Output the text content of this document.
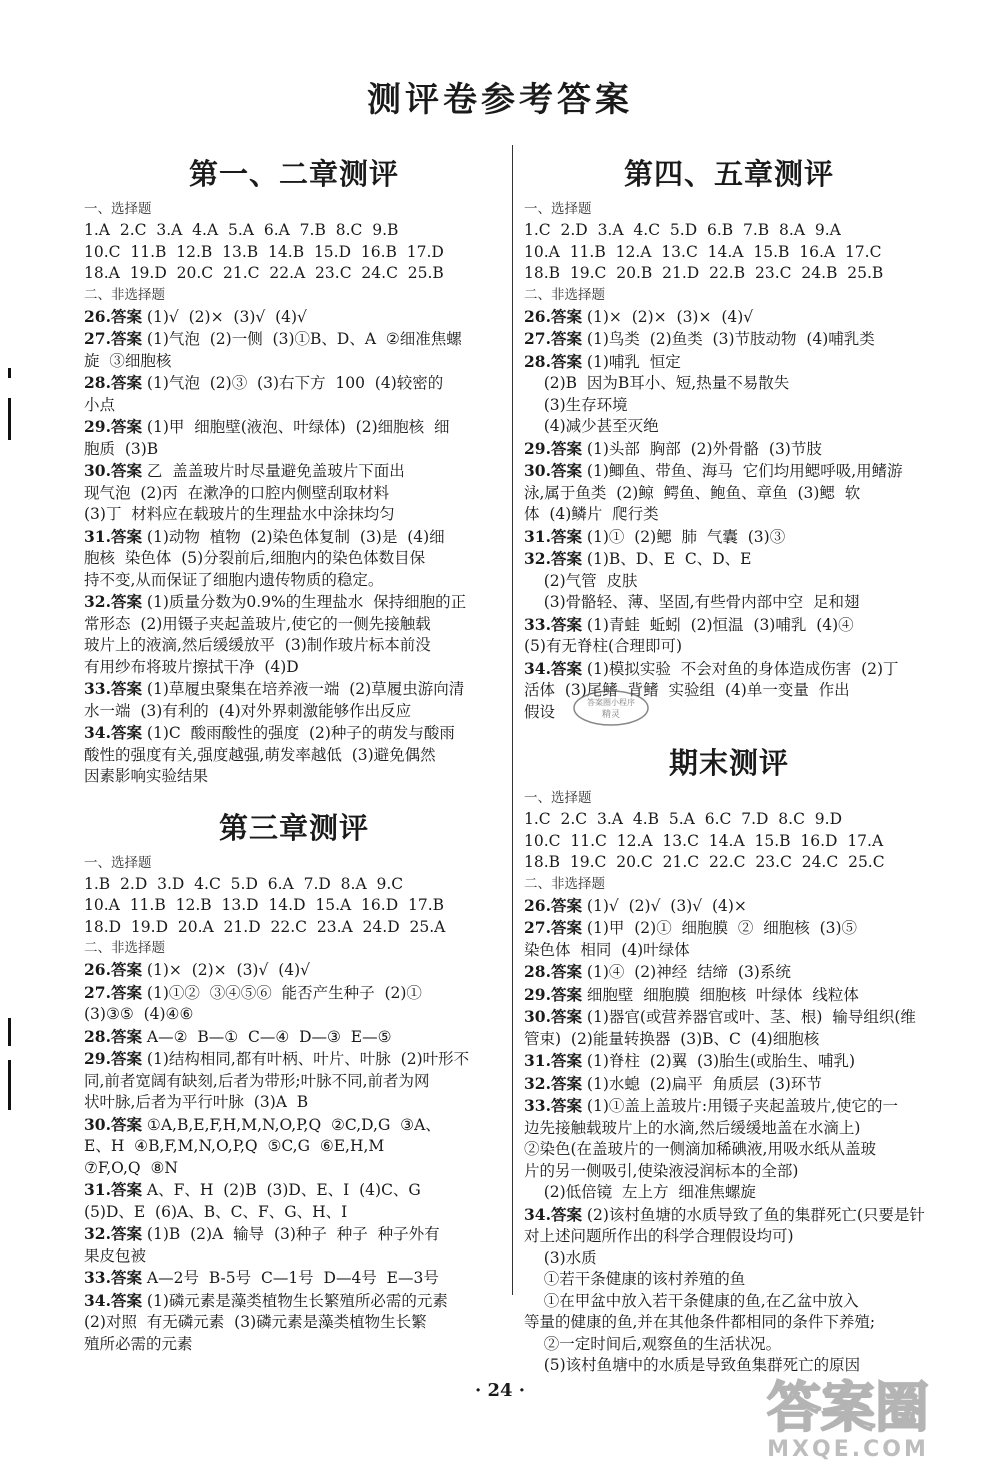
测评卷参考答案
第一、二章测评
一、选择题
1.A  2.C  3.A  4.A  5.A  6.A  7.B  8.C  9.B
10.C  11.B  12.B  13.B  14.B  15.D  16.B  17.D
18.A  19.D  20.C  21.C  22.A  23.C  24.C  25.B
二、非选择题
26.答案 (1)√  (2)×  (3)√  (4)√
27.答案 (1)气泡  (2)一侧  (3)①B、D、A  ②细准焦螺
旋  ③细胞核
28.答案 (1)气泡  (2)③  (3)右下方  100  (4)较密的
小点
29.答案 (1)甲  细胞壁(液泡、叶绿体)  (2)细胞核  细
胞质  (3)B
30.答案 乙  盖盖玻片时尽量避免盖玻片下面出
现气泡  (2)丙  在漱净的口腔内侧壁刮取材料
(3)丁  材料应在载玻片的生理盐水中涂抹均匀
31.答案 (1)动物  植物  (2)染色体复制  (3)是  (4)细
胞核  染色体  (5)分裂前后,细胞内的染色体数目保
持不变,从而保证了细胞内遗传物质的稳定。
32.答案 (1)质量分数为0.9%的生理盐水  保持细胞的正
常形态  (2)用镊子夹起盖玻片,使它的一侧先接触载
玻片上的液滴,然后缓缓放平  (3)制作玻片标本前没
有用纱布将玻片擦拭干净  (4)D
33.答案 (1)草履虫聚集在培养液一端  (2)草履虫游向清
水一端  (3)有利的  (4)对外界刺激能够作出反应
34.答案 (1)C  酸雨酸性的强度  (2)种子的萌发与酸雨
酸性的强度有关,强度越强,萌发率越低  (3)避免偶然
因素影响实验结果
第三章测评
一、选择题
1.B  2.D  3.D  4.C  5.D  6.A  7.D  8.A  9.C
10.A  11.B  12.B  13.D  14.D  15.A  16.D  17.B
18.D  19.D  20.A  21.D  22.C  23.A  24.D  25.A
二、非选择题
26.答案 (1)×  (2)×  (3)√  (4)√
27.答案 (1)①②  ③④⑤⑥  能否产生种子  (2)①
(3)③⑤  (4)④⑥
28.答案 A—②  B—①  C—④  D—③  E—⑤
29.答案 (1)结构相同,都有叶柄、叶片、叶脉  (2)叶形不
同,前者宽阔有缺刻,后者为带形;叶脉不同,前者为网
状叶脉,后者为平行叶脉  (3)A  B
30.答案 ①A,B,E,F,H,M,N,O,P,Q  ②C,D,G  ③A、
E、H  ④B,F,M,N,O,P,Q  ⑤C,G  ⑥E,H,M
⑦F,O,Q  ⑧N
31.答案 A、F、H  (2)B  (3)D、E、I  (4)C、G
(5)D、E  (6)A、B、C、F、G、H、I
32.答案 (1)B  (2)A  输导  (3)种子  种子  种子外有
果皮包被
33.答案 A—2号  B-5号  C—1号  D—4号  E—3号
34.答案 (1)磷元素是藻类植物生长繁殖所必需的元素
(2)对照  有无磷元素  (3)磷元素是藻类植物生长繁
殖所必需的元素
第四、五章测评
一、选择题
1.C  2.D  3.A  4.C  5.D  6.B  7.B  8.A  9.A
10.A  11.B  12.A  13.C  14.A  15.B  16.A  17.C
18.B  19.C  20.B  21.D  22.B  23.C  24.B  25.B
二、非选择题
26.答案 (1)×  (2)×  (3)×  (4)√
27.答案 (1)鸟类  (2)鱼类  (3)节肢动物  (4)哺乳类
28.答案 (1)哺乳  恒定
(2)B  因为B耳小、短,热量不易散失
(3)生存环境
(4)减少甚至灭绝
29.答案 (1)头部  胸部  (2)外骨骼  (3)节肢
30.答案 (1)鲫鱼、带鱼、海马  它们均用鳃呼吸,用鳍游
泳,属于鱼类  (2)鲸  鳄鱼、鲍鱼、章鱼  (3)鳃  软
体  (4)鳞片  爬行类
31.答案 (1)①  (2)鳃  肺  气囊  (3)③
32.答案 (1)B、D、E  C、D、E
(2)气管  皮肤
(3)骨骼轻、薄、坚固,有些骨内部中空  足和翅
33.答案 (1)青蛙  蚯蚓  (2)恒温  (3)哺乳  (4)④
(5)有无脊柱(合理即可)
34.答案 (1)模拟实验  不会对鱼的身体造成伤害  (2)丁
活体  (3)尾鳍  背鳍  实验组  (4)单一变量  作出
假设
期末测评
一、选择题
1.C  2.C  3.A  4.B  5.A  6.C  7.D  8.C  9.D
10.C  11.C  12.A  13.C  14.A  15.B  16.D  17.A
18.B  19.C  20.C  21.C  22.C  23.C  24.C  25.C
二、非选择题
26.答案 (1)√  (2)√  (3)√  (4)×
27.答案 (1)甲  (2)①  细胞膜  ②  细胞核  (3)⑤
染色体  相同  (4)叶绿体
28.答案 (1)④  (2)神经  结缔  (3)系统
29.答案 细胞壁  细胞膜  细胞核  叶绿体  线粒体
30.答案 (1)器官(或营养器官或叶、茎、根)  输导组织(维
管束)  (2)能量转换器  (3)B、C  (4)细胞核
31.答案 (1)脊柱  (2)翼  (3)胎生(或胎生、哺乳)
32.答案 (1)水螅  (2)扁平  角质层  (3)环节
33.答案 (1)①盖上盖玻片:用镊子夹起盖玻片,使它的一
边先接触载玻片上的水滴,然后缓缓地盖在水滴上)
②染色(在盖玻片的一侧滴加稀碘液,用吸水纸从盖玻
片的另一侧吸引,使染液浸润标本的全部)
(2)低倍镜  左上方  细准焦螺旋
34.答案 (2)该村鱼塘的水质导致了鱼的集群死亡(只要是针
对上述问题所作出的科学合理假设均可)
(3)水质
①若干条健康的该村养殖的鱼
①在甲盆中放入若干条健康的鱼,在乙盆中放入
等量的健康的鱼,并在其他条件都相同的条件下养殖;
②一定时间后,观察鱼的生活状况。
(5)该村鱼塘中的水质是导致鱼集群死亡的原因
答案圈小程序
精灵
· 24 ·	答案圈
MXQE.COM
